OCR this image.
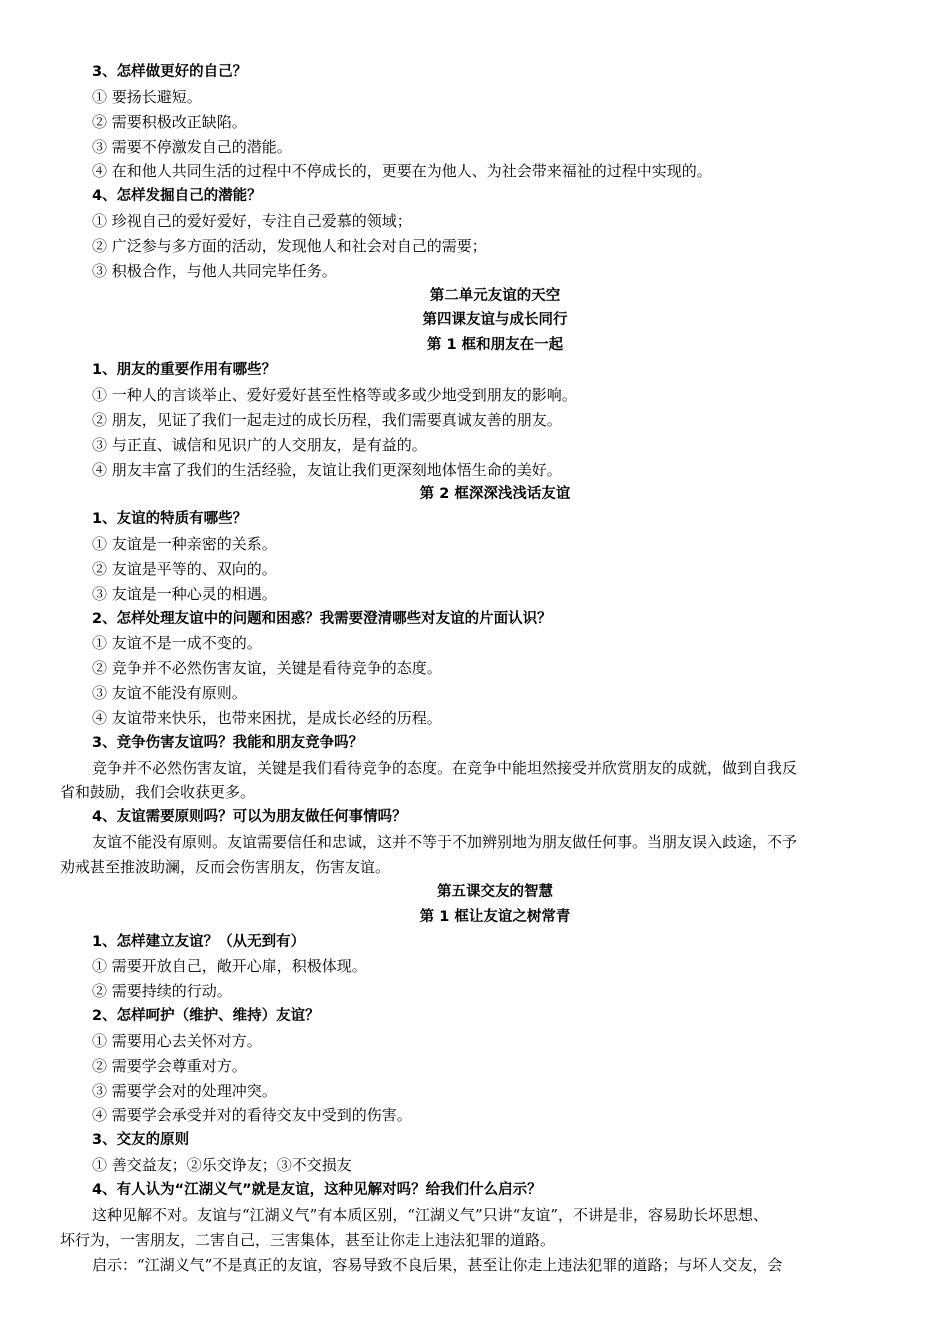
3、怎样做更好的自己？
① 要扬长避短。
② 需要积极改正缺陷。
③ 需要不停激发自己的潜能。
④ 在和他人共同生活的过程中不停成长的，更要在为他人、为社会带来福祉的过程中实现的。
4、怎样发掘自己的潜能？
① 珍视自己的爱好爱好，专注自己爱慕的领域；
② 广泛参与多方面的活动，发现他人和社会对自己的需要；
③ 积极合作，与他人共同完毕任务。
第二单元友谊的天空
第四课友谊与成长同行
第 1 框和朋友在一起
1、朋友的重要作用有哪些？
① 一种人的言谈举止、爱好爱好甚至性格等或多或少地受到朋友的影响。
② 朋友，见证了我们一起走过的成长历程，我们需要真诚友善的朋友。
③ 与正直、诚信和见识广的人交朋友，是有益的。
④ 朋友丰富了我们的生活经验，友谊让我们更深刻地体悟生命的美好。
第 2 框深深浅浅话友谊
1、友谊的特质有哪些？
① 友谊是一种亲密的关系。
② 友谊是平等的、双向的。
③ 友谊是一种心灵的相遇。
2、怎样处理友谊中的问题和困惑？我需要澄清哪些对友谊的片面认识？
① 友谊不是一成不变的。
② 竞争并不必然伤害友谊，关键是看待竞争的态度。
③ 友谊不能没有原则。
④ 友谊带来快乐，也带来困扰，是成长必经的历程。
3、竞争伤害友谊吗？我能和朋友竞争吗？
竞争并不必然伤害友谊，关键是我们看待竞争的态度。在竞争中能坦然接受并欣赏朋友的成就，做到自我反
省和鼓励，我们会收获更多。
4、友谊需要原则吗？可以为朋友做任何事情吗？
友谊不能没有原则。友谊需要信任和忠诚，这并不等于不加辨别地为朋友做任何事。当朋友误入歧途，不予
劝戒甚至推波助澜，反而会伤害朋友，伤害友谊。
第五课交友的智慧
第 1 框让友谊之树常青
1、怎样建立友谊？（从无到有）
① 需要开放自己，敞开心扉，积极体现。
② 需要持续的行动。
2、怎样呵护（维护、维持）友谊？
① 需要用心去关怀对方。
② 需要学会尊重对方。
③ 需要学会对的处理冲突。
④ 需要学会承受并对的看待交友中受到的伤害。
3、交友的原则
① 善交益友；②乐交诤友；③不交损友
4、有人认为“江湖义气”就是友谊，这种见解对吗？给我们什么启示？
这种见解不对。友谊与“江湖义气”有本质区别，“江湖义气”只讲“友谊”，不讲是非，容易助长坏思想、
坏行为，一害朋友，二害自己，三害集体，甚至让你走上违法犯罪的道路。
启示：“江湖义气”不是真正的友谊，容易导致不良后果，甚至让你走上违法犯罪的道路；与坏人交友，会
